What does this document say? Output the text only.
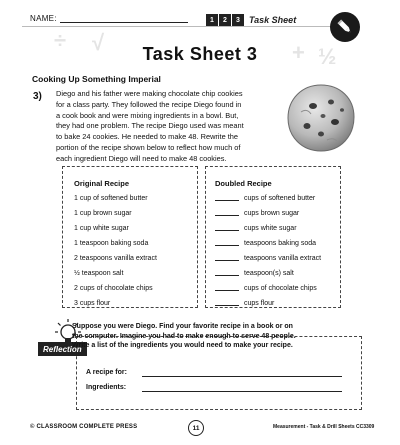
÷ √	+ ½
NAME:	1	2	3	Task Sheet
Task Sheet 3
Cooking Up Something Imperial
3) Diego and his father were making chocolate chip cookies
for a class party. They followed the recipe Diego found in
a cook book and were mixing ingredients in a bowl. But,
they had one problem. The recipe Diego used was meant
to bake 24 cookies. He needed to make 48. Rewrite the
portion of the recipe shown below to reflect how much of
each ingredient Diego will need to make 48 cookies.
Original Recipe
1 cup of softened butter
1 cup brown sugar
1 cup white sugar
1 teaspoon baking soda
2 teaspoons vanilla extract
½ teaspoon salt
2 cups of chocolate chips
3 cups flour
Doubled Recipe
cups of softened butter
cups brown sugar
cups white sugar
teaspoons baking soda
teaspoons vanilla extract
teaspoon(s) salt
cups of chocolate chips
cups flour
Reflection
Suppose you were Diego. Find your favorite recipe in a book or on
the computer. Imagine you had to make enough to serve 48 people.
Write a list of the ingredients you would need to make your recipe.
A recipe for:
Ingredients:
© CLASSROOM COMPLETE PRESS	11	Measurement - Task & Drill Sheets CC3309
